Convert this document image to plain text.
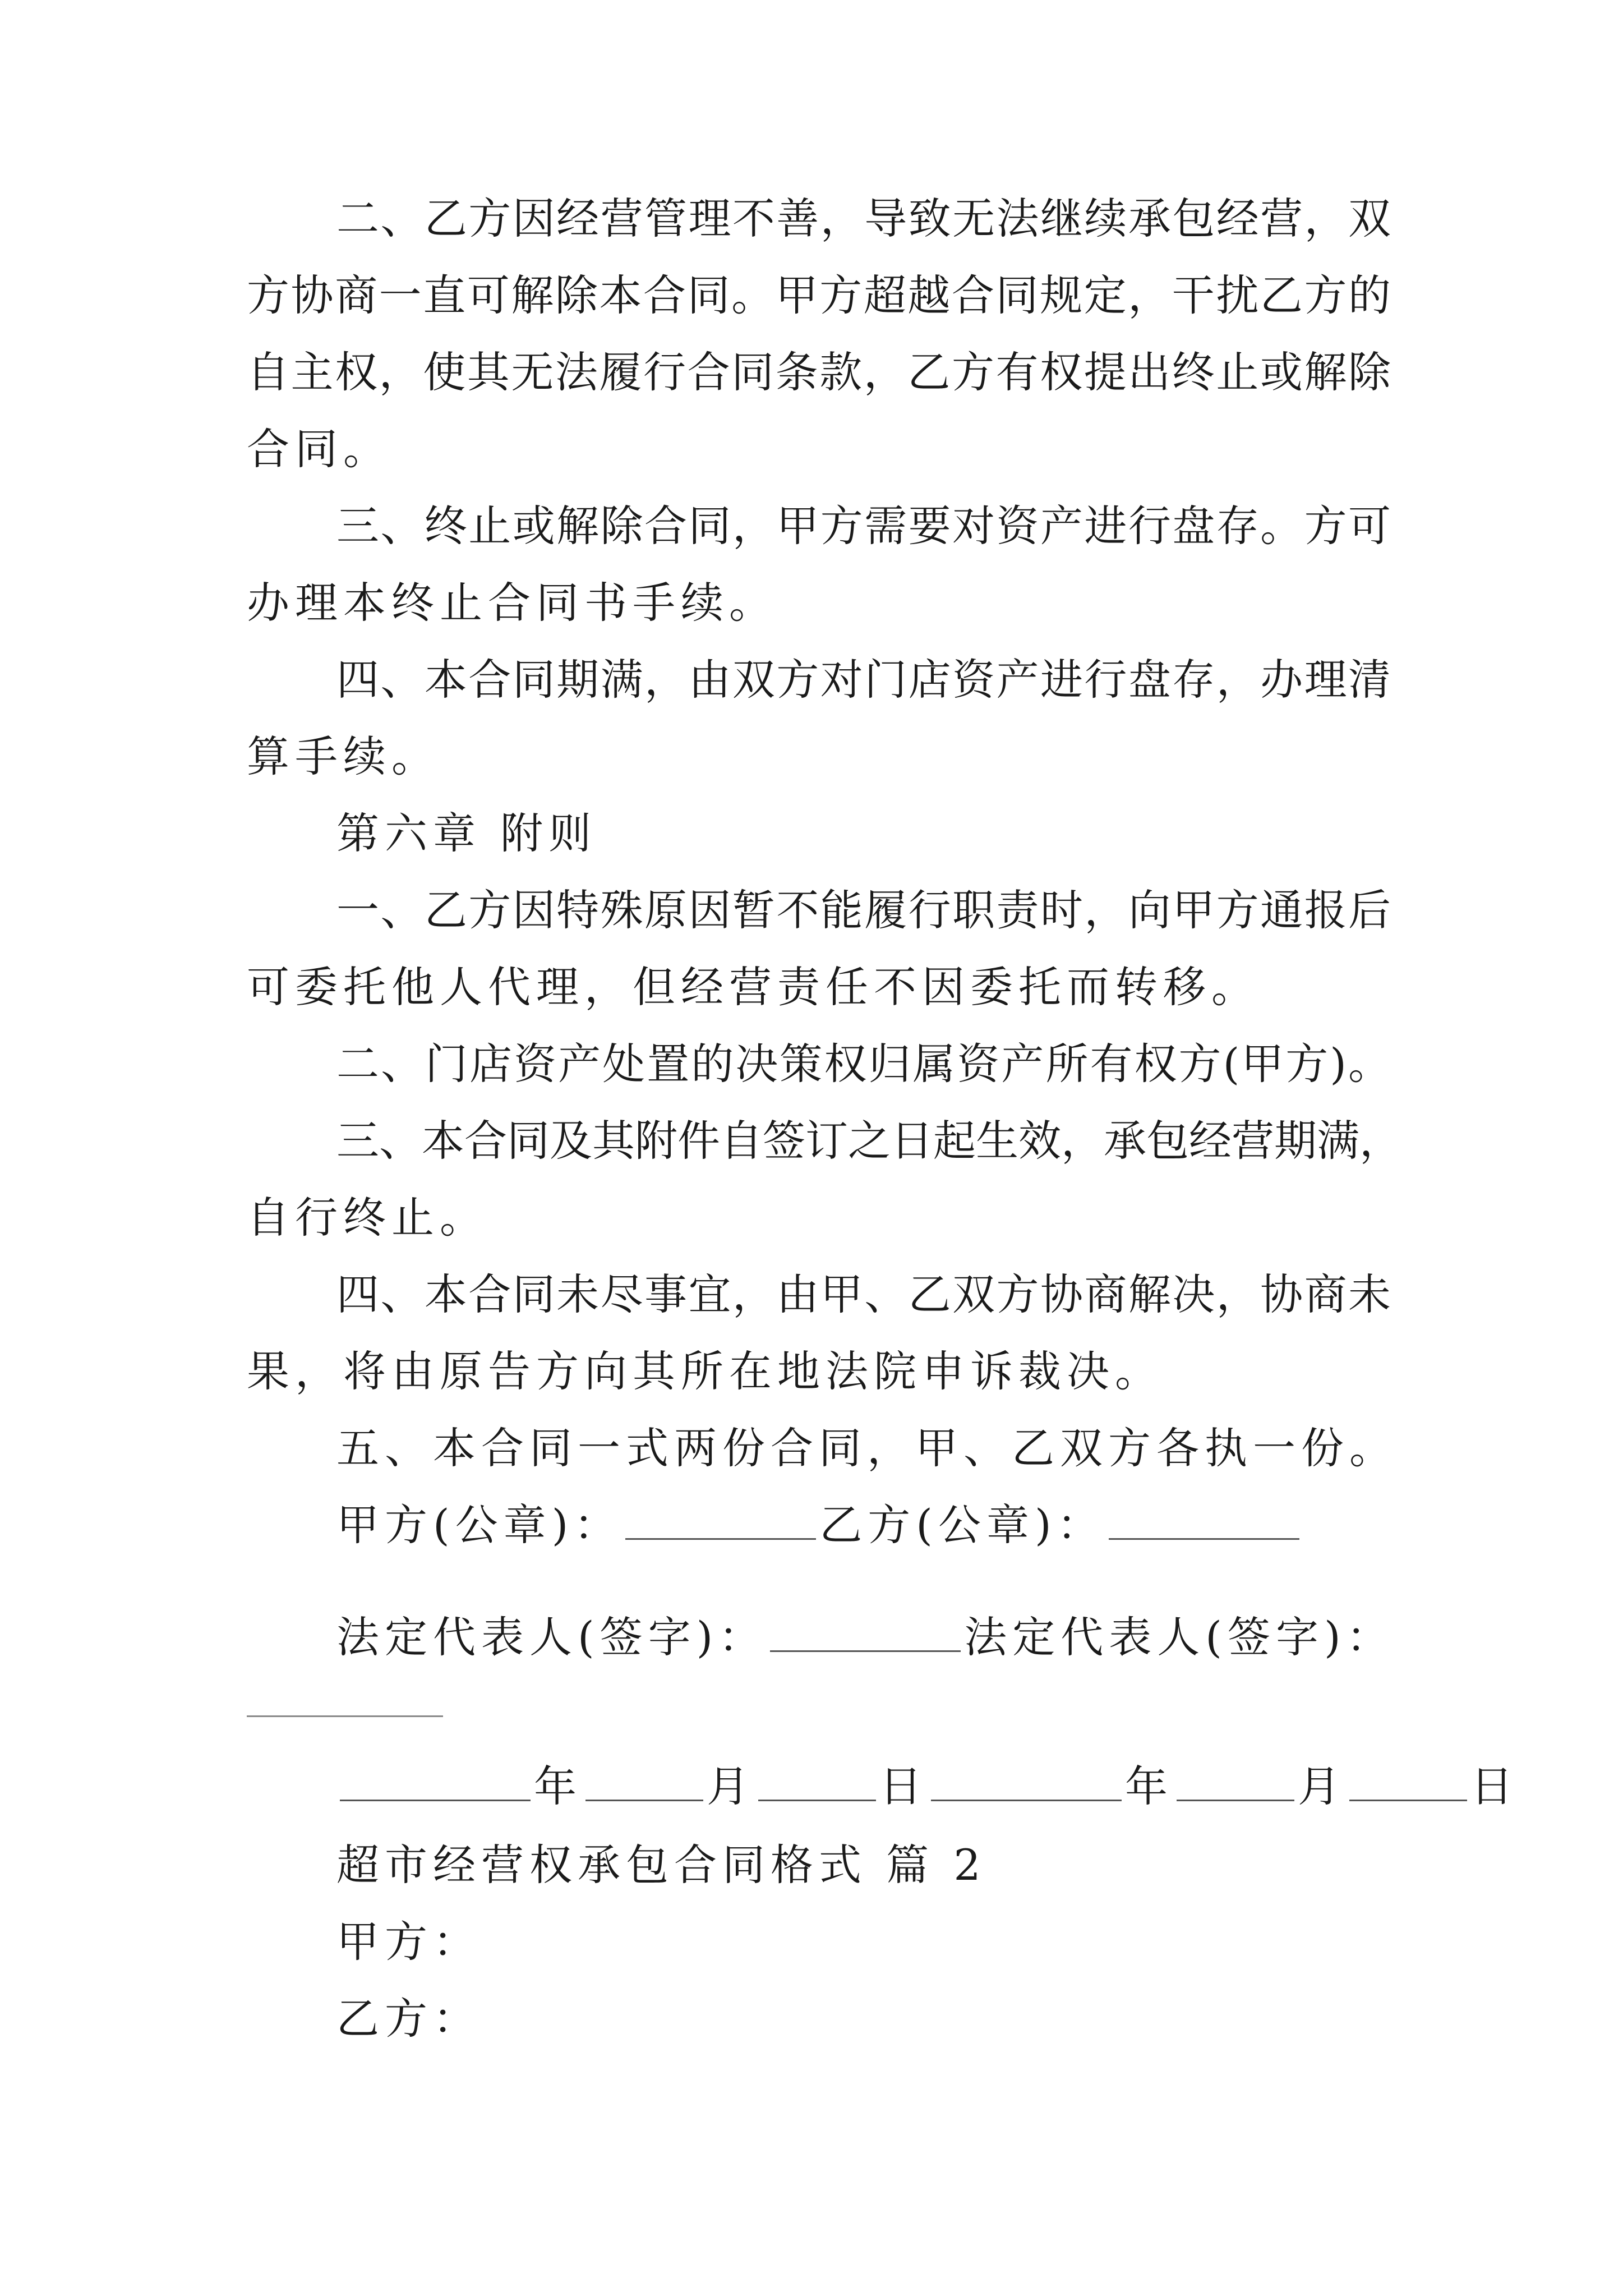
二、乙方因经营管理不善，导致无法继续承包经营，双
方协商一直可解除本合同。甲方超越合同规定，干扰乙方的
自主权，使其无法履行合同条款，乙方有权提出终止或解除
合同。
三、终止或解除合同，甲方需要对资产进行盘存。方可
办理本终止合同书手续。
四、本合同期满，由双方对门店资产进行盘存，办理清
算手续。
第六章 附则
一、乙方因特殊原因暂不能履行职责时，向甲方通报后
可委托他人代理，但经营责任不因委托而转移。
二、门店资产处置的决策权归属资产所有权方(甲方)。
三、本合同及其附件自签订之日起生效，承包经营期满，
自行终止。
四、本合同未尽事宜，由甲、乙双方协商解决，协商未
果，将由原告方向其所在地法院申诉裁决。
五、本合同一式两份合同，甲、乙双方各执一份。
甲方(公章)：	乙方(公章)：
法定代表人(签字)：	法定代表人(签字)：
年	月	日	年	月	日
超市经营权承包合同格式 篇 2
甲方：
乙方：
